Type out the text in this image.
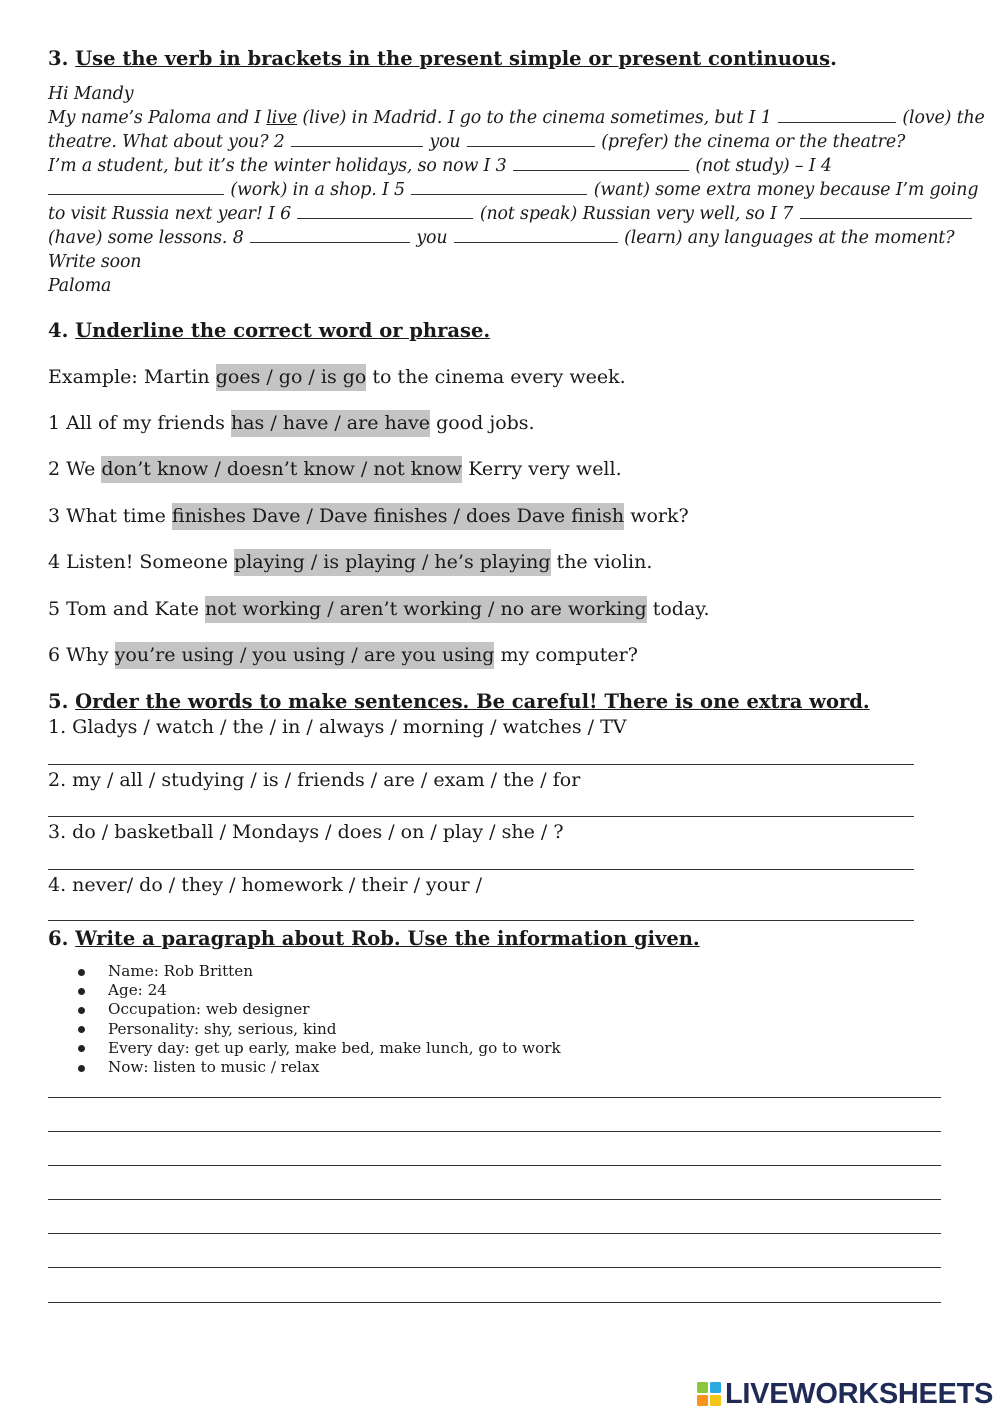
3. Use the verb in brackets in the present simple or present continuous.
Hi Mandy
My name’s Paloma and I live (live) in Madrid. I go to the cinema sometimes, but I 1	(love) the
theatre. What about you? 2	you	(prefer) the cinema or the theatre?
I’m a student, but it’s the winter holidays, so now I 3	(not study) – I 4
(work) in a shop. I 5	(want) some extra money because I’m going
to visit Russia next year! I 6	(not speak) Russian very well, so I 7
(have) some lessons. 8	you	(learn) any languages at the moment?
Write soon
Paloma
4. Underline the correct word or phrase.
Example: Martin goes / go / is go to the cinema every week.
1 All of my friends has / have / are have good jobs.
2 We don’t know / doesn’t know / not know Kerry very well.
3 What time finishes Dave / Dave finishes / does Dave finish work?
4 Listen! Someone playing / is playing / he’s playing the violin.
5 Tom and Kate not working / aren’t working / no are working today.
6 Why you’re using / you using / are you using my computer?
5. Order the words to make sentences. Be careful! There is one extra word.
1. Gladys / watch / the / in / always / morning / watches / TV
2. my / all / studying / is / friends / are / exam / the / for
3. do / basketball / Mondays / does / on / play / she / ?
4. never/ do / they / homework / their / your /
6. Write a paragraph about Rob. Use the information given.
Name: Rob Britten
Age: 24
Occupation: web designer
Personality: shy, serious, kind
Every day: get up early, make bed, make lunch, go to work
Now: listen to music / relax
LIVEWORKSHEETS
